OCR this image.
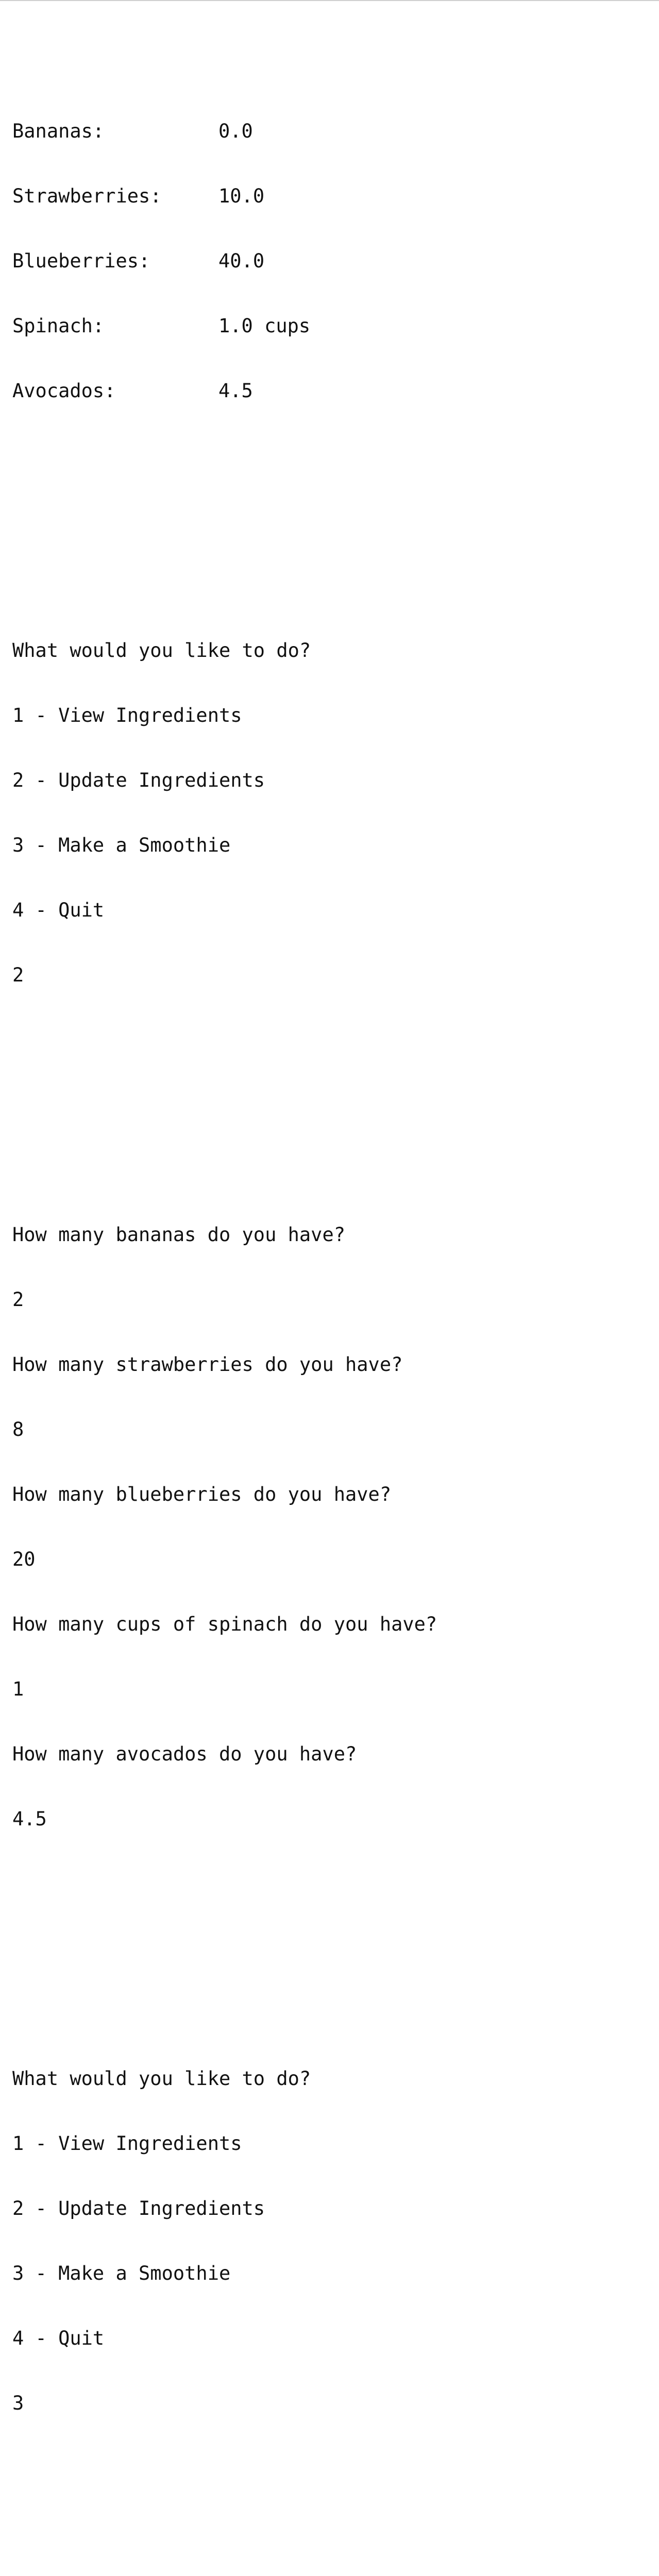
Bananas:	0.0

Strawberries:	10.0

Blueberries:	40.0

Spinach:	1.0 cups

Avocados:	4.5

What would you like to do?

1 - View Ingredients

2 - Update Ingredients

3 - Make a Smoothie

4 - Quit

2

How many bananas do you have?

2

How many strawberries do you have?

8

How many blueberries do you have?

20

How many cups of spinach do you have?

1

How many avocados do you have?

4.5

What would you like to do?

1 - View Ingredients

2 - Update Ingredients

3 - Make a Smoothie

4 - Quit

3
